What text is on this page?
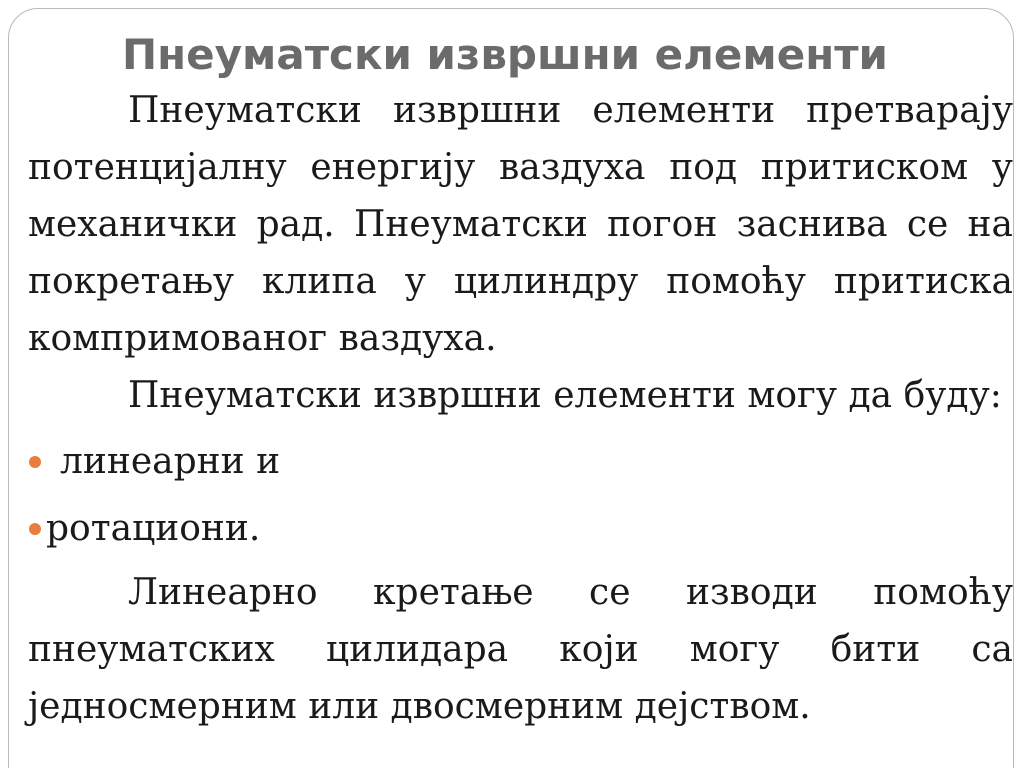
Пнеуматски извршни елементи

Пнеуматски извршни елементи претварају потенцијалну енергију ваздуха под притиском у механички рад. Пнеуматски погон заснива се на покретању клипа у цилиндру помоћу притиска компримованог ваздуха.

Пнеуматски извршни елементи могу да буду:

линеарни и
ротациони.

Линеарно кретање се изводи помоћу пнеуматских цилидара који могу бити са једносмерним или двосмерним дејством.
